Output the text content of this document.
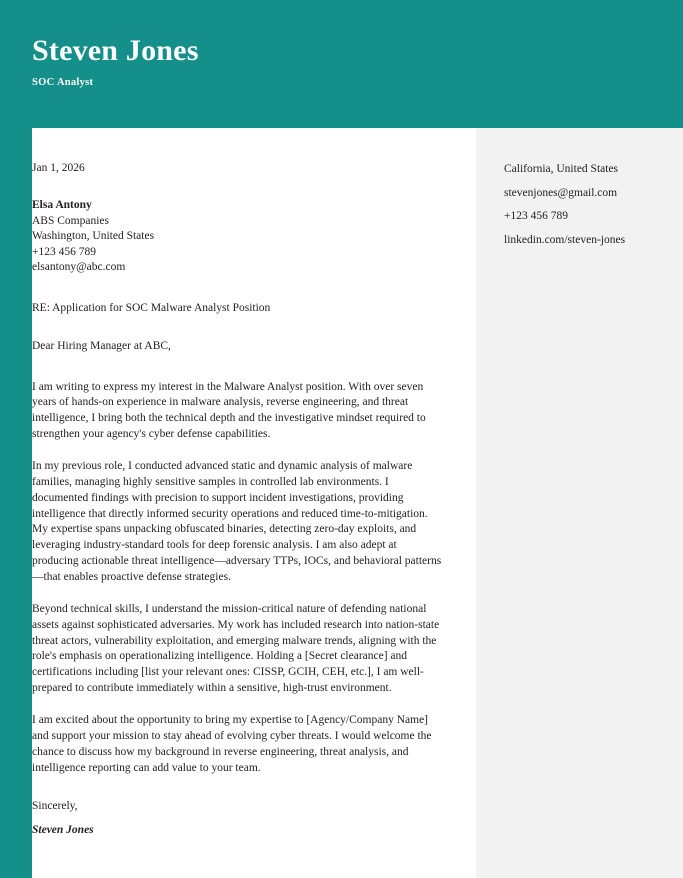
Steven Jones
SOC Analyst
California, United States
stevenjones@gmail.com
+123 456 789
linkedin.com/steven-jones
Jan 1, 2026
Elsa Antony
ABS Companies
Washington, United States
+123 456 789
elsantony@abc.com
RE: Application for SOC Malware Analyst Position
Dear Hiring Manager at ABC,
I am writing to express my interest in the Malware Analyst position. With over seven years of hands-on experience in malware analysis, reverse engineering, and threat intelligence, I bring both the technical depth and the investigative mindset required to strengthen your agency's cyber defense capabilities.
In my previous role, I conducted advanced static and dynamic analysis of malware families, managing highly sensitive samples in controlled lab environments. I documented findings with precision to support incident investigations, providing intelligence that directly informed security operations and reduced time-to-mitigation. My expertise spans unpacking obfuscated binaries, detecting zero-day exploits, and leveraging industry-standard tools for deep forensic analysis. I am also adept at producing actionable threat intelligence—adversary TTPs, IOCs, and behavioral patterns—that enables proactive defense strategies.
Beyond technical skills, I understand the mission-critical nature of defending national assets against sophisticated adversaries. My work has included research into nation-state threat actors, vulnerability exploitation, and emerging malware trends, aligning with the role's emphasis on operationalizing intelligence. Holding a [Secret clearance] and certifications including [list your relevant ones: CISSP, GCIH, CEH, etc.], I am well-prepared to contribute immediately within a sensitive, high-trust environment.
I am excited about the opportunity to bring my expertise to [Agency/Company Name] and support your mission to stay ahead of evolving cyber threats. I would welcome the chance to discuss how my background in reverse engineering, threat analysis, and intelligence reporting can add value to your team.
Sincerely,
Steven Jones
